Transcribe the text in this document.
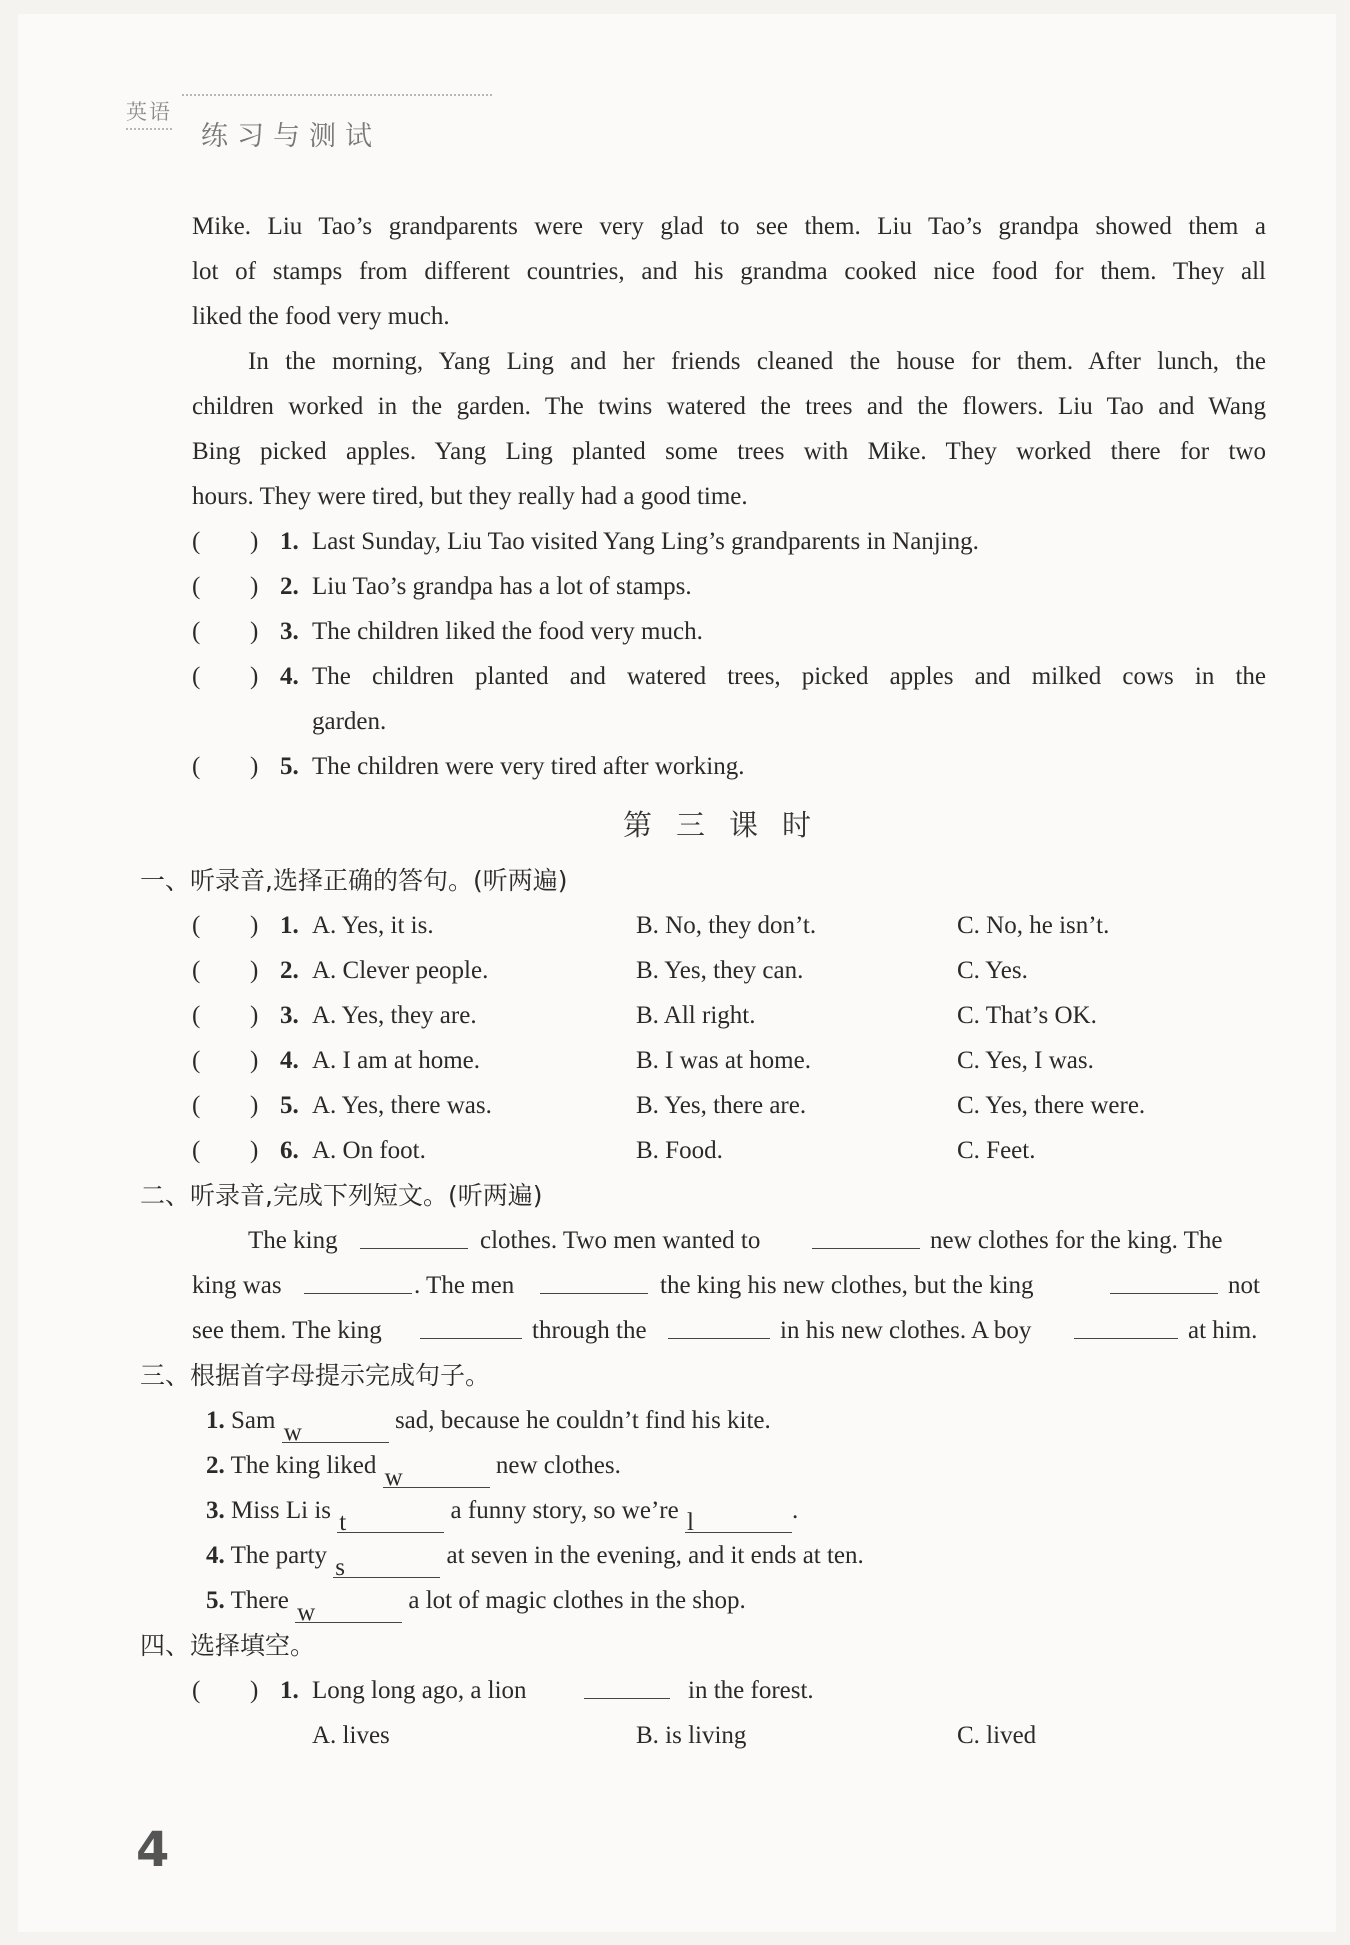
英语
练习与测试
Mike. Liu Tao’s grandparents were very glad to see them. Liu Tao’s grandpa showed them a
lot of stamps from different countries, and his grandma cooked nice food for them. They all
liked the food very much.
In the morning, Yang Ling and her friends cleaned the house for them. After lunch, the
children worked in the garden. The twins watered the trees and the flowers. Liu Tao and Wang
Bing picked apples. Yang Ling planted some trees with Mike. They worked there for two
hours. They were tired, but they really had a good time.
( ) 1. Last Sunday, Liu Tao visited Yang Ling’s grandparents in Nanjing.
( ) 2. Liu Tao’s grandpa has a lot of stamps.
( ) 3. The children liked the food very much.
( ) 4. The children planted and watered trees, picked apples and milked cows in the
garden.
( ) 5. The children were very tired after working.
第三课时
一、听录音,选择正确的答句。(听两遍)
( ) 1. A. Yes, it is.	B. No, they don’t.	C. No, he isn’t.
( ) 2. A. Clever people.	B. Yes, they can.	C. Yes.
( ) 3. A. Yes, they are.	B. All right.	C. That’s OK.
( ) 4. A. I am at home.	B. I was at home.	C. Yes, I was.
( ) 5. A. Yes, there was.	B. Yes, there are.	C. Yes, there were.
( ) 6. A. On foot.	B. Food.	C. Feet.
二、听录音,完成下列短文。(听两遍)
The king	clothes. Two men wanted to	new clothes for the king. The
king was	. The men	the king his new clothes, but the king	not
see them. The king	through the	in his new clothes. A boy	at him.
三、根据首字母提示完成句子。
1. Sam w	sad, because he couldn’t find his kite.
2. The king liked w	new clothes.
3. Miss Li is t	a funny story, so we’re l	.
4. The party s	at seven in the evening, and it ends at ten.
5. There w	a lot of magic clothes in the shop.
四、选择填空。
( ) 1. Long long ago, a lion	in the forest.
A. lives	B. is living	C. lived
4
